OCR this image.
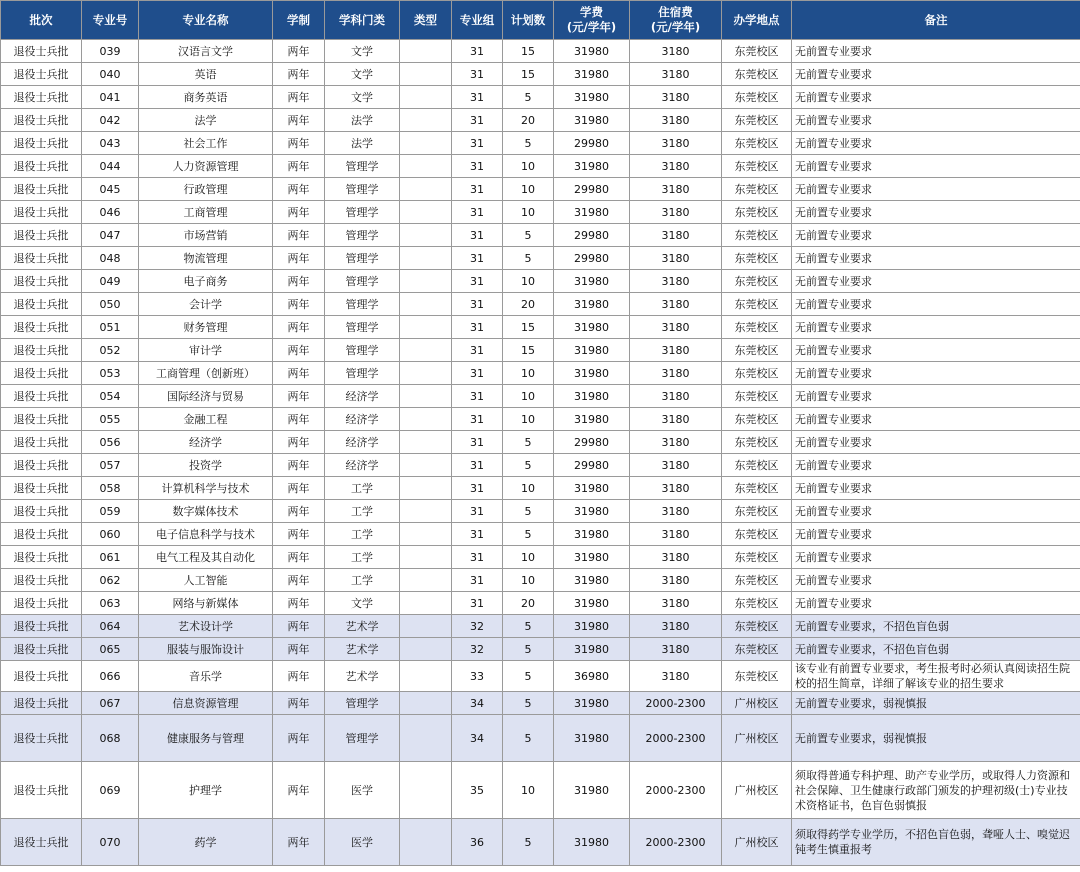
批次	专业号	专业名称	学制	学科门类	类型	专业组	计划数	学费
(元/学年)	住宿费
(元/学年)	办学地点	备注
退役士兵批	039	汉语言文学	两年	文学		31	15	31980	3180	东莞校区	无前置专业要求
退役士兵批	040	英语	两年	文学		31	15	31980	3180	东莞校区	无前置专业要求
退役士兵批	041	商务英语	两年	文学		31	5	31980	3180	东莞校区	无前置专业要求
退役士兵批	042	法学	两年	法学		31	20	31980	3180	东莞校区	无前置专业要求
退役士兵批	043	社会工作	两年	法学		31	5	29980	3180	东莞校区	无前置专业要求
退役士兵批	044	人力资源管理	两年	管理学		31	10	31980	3180	东莞校区	无前置专业要求
退役士兵批	045	行政管理	两年	管理学		31	10	29980	3180	东莞校区	无前置专业要求
退役士兵批	046	工商管理	两年	管理学		31	10	31980	3180	东莞校区	无前置专业要求
退役士兵批	047	市场营销	两年	管理学		31	5	29980	3180	东莞校区	无前置专业要求
退役士兵批	048	物流管理	两年	管理学		31	5	29980	3180	东莞校区	无前置专业要求
退役士兵批	049	电子商务	两年	管理学		31	10	31980	3180	东莞校区	无前置专业要求
退役士兵批	050	会计学	两年	管理学		31	20	31980	3180	东莞校区	无前置专业要求
退役士兵批	051	财务管理	两年	管理学		31	15	31980	3180	东莞校区	无前置专业要求
退役士兵批	052	审计学	两年	管理学		31	15	31980	3180	东莞校区	无前置专业要求
退役士兵批	053	工商管理（创新班）	两年	管理学		31	10	31980	3180	东莞校区	无前置专业要求
退役士兵批	054	国际经济与贸易	两年	经济学		31	10	31980	3180	东莞校区	无前置专业要求
退役士兵批	055	金融工程	两年	经济学		31	10	31980	3180	东莞校区	无前置专业要求
退役士兵批	056	经济学	两年	经济学		31	5	29980	3180	东莞校区	无前置专业要求
退役士兵批	057	投资学	两年	经济学		31	5	29980	3180	东莞校区	无前置专业要求
退役士兵批	058	计算机科学与技术	两年	工学		31	10	31980	3180	东莞校区	无前置专业要求
退役士兵批	059	数字媒体技术	两年	工学		31	5	31980	3180	东莞校区	无前置专业要求
退役士兵批	060	电子信息科学与技术	两年	工学		31	5	31980	3180	东莞校区	无前置专业要求
退役士兵批	061	电气工程及其自动化	两年	工学		31	10	31980	3180	东莞校区	无前置专业要求
退役士兵批	062	人工智能	两年	工学		31	10	31980	3180	东莞校区	无前置专业要求
退役士兵批	063	网络与新媒体	两年	文学		31	20	31980	3180	东莞校区	无前置专业要求
退役士兵批	064	艺术设计学	两年	艺术学		32	5	31980	3180	东莞校区	无前置专业要求，不招色盲色弱
退役士兵批	065	服装与服饰设计	两年	艺术学		32	5	31980	3180	东莞校区	无前置专业要求，不招色盲色弱
退役士兵批	066	音乐学	两年	艺术学		33	5	36980	3180	东莞校区	该专业有前置专业要求，考生报考时必须认真阅读招生院校的招生简章，详细了解该专业的招生要求
退役士兵批	067	信息资源管理	两年	管理学		34	5	31980	2000-2300	广州校区	无前置专业要求，弱视慎报
退役士兵批	068	健康服务与管理	两年	管理学		34	5	31980	2000-2300	广州校区	无前置专业要求，弱视慎报
退役士兵批	069	护理学	两年	医学		35	10	31980	2000-2300	广州校区	须取得普通专科护理、助产专业学历，或取得人力资源和社会保障、卫生健康行政部门颁发的护理初级(士)专业技术资格证书，色盲色弱慎报
退役士兵批	070	药学	两年	医学		36	5	31980	2000-2300	广州校区	须取得药学专业学历，不招色盲色弱，聋哑人士、嗅觉迟钝考生慎重报考
